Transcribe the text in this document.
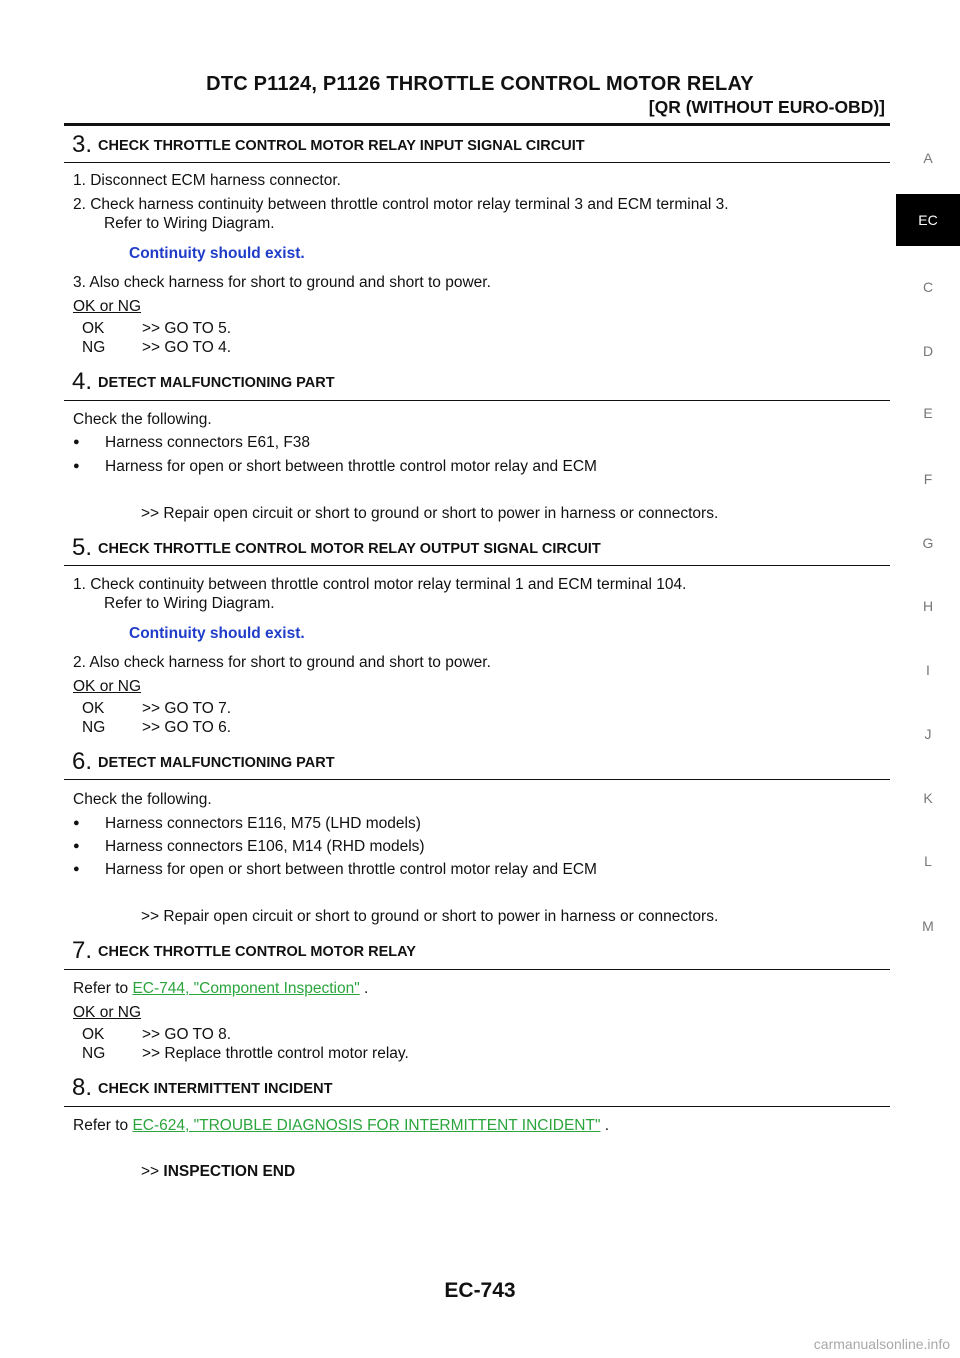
DTC P1124, P1126 THROTTLE CONTROL MOTOR RELAY
[QR (WITHOUT EURO-OBD)]
A
EC
C
D
E
F
G
H
I
J
K
L
M
3. CHECK THROTTLE CONTROL MOTOR RELAY INPUT SIGNAL CIRCUIT
1. Disconnect ECM harness connector.
2. Check harness continuity between throttle control motor relay terminal 3 and ECM terminal 3.
Refer to Wiring Diagram.
Continuity should exist.
3. Also check harness for short to ground and short to power.
OK or NG
OK >> GO TO 5.
NG >> GO TO 4.
4. DETECT MALFUNCTIONING PART
Check the following.
● Harness connectors E61, F38
● Harness for open or short between throttle control motor relay and ECM
>> Repair open circuit or short to ground or short to power in harness or connectors.
5. CHECK THROTTLE CONTROL MOTOR RELAY OUTPUT SIGNAL CIRCUIT
1. Check continuity between throttle control motor relay terminal 1 and ECM terminal 104.
Refer to Wiring Diagram.
Continuity should exist.
2. Also check harness for short to ground and short to power.
OK or NG
OK >> GO TO 7.
NG >> GO TO 6.
6. DETECT MALFUNCTIONING PART
Check the following.
● Harness connectors E116, M75 (LHD models)
● Harness connectors E106, M14 (RHD models)
● Harness for open or short between throttle control motor relay and ECM
>> Repair open circuit or short to ground or short to power in harness or connectors.
7. CHECK THROTTLE CONTROL MOTOR RELAY
Refer to EC-744, "Component Inspection" .
OK or NG
OK >> GO TO 8.
NG >> Replace throttle control motor relay.
8. CHECK INTERMITTENT INCIDENT
Refer to EC-624, "TROUBLE DIAGNOSIS FOR INTERMITTENT INCIDENT" .
>> INSPECTION END
EC-743
carmanualsonline.info
